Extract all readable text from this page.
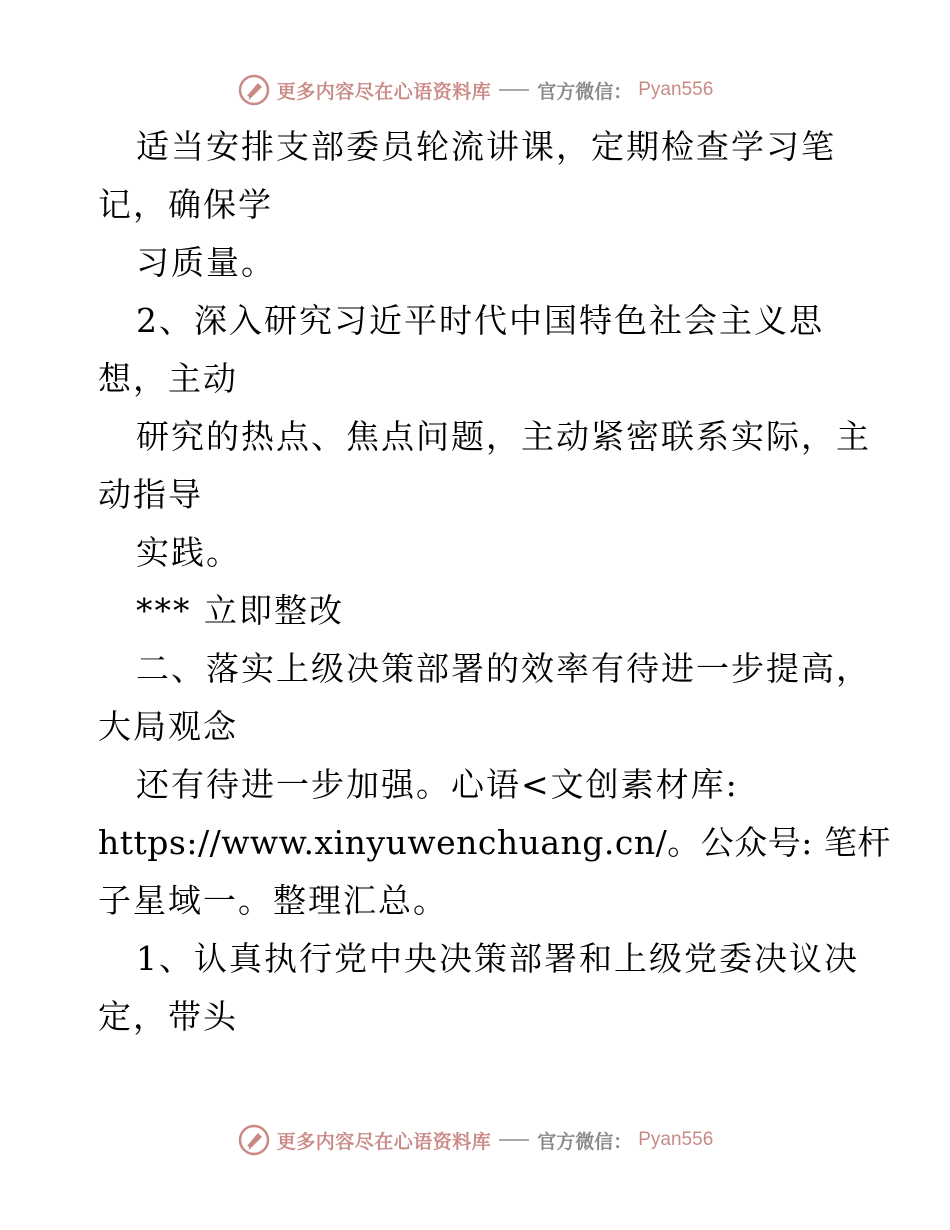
更多内容尽在心语资料库 官方微信： Pyan556
适当安排支部委员轮流讲课，定期检查学习笔
记，确保学
习质量。
2、深入研究习近平时代中国特色社会主义思
想，主动
研究的热点、焦点问题，主动紧密联系实际，主
动指导
实践。
*** 立即整改
二、落实上级决策部署的效率有待进一步提高，
大局观念
还有待进一步加强。心语<文创素材库:
https://www.xinyuwenchuang.cn/。公众号: 笔杆
子星域一。整理汇总。
1、认真执行党中央决策部署和上级党委决议决
定，带头
更多内容尽在心语资料库 官方微信： Pyan556
